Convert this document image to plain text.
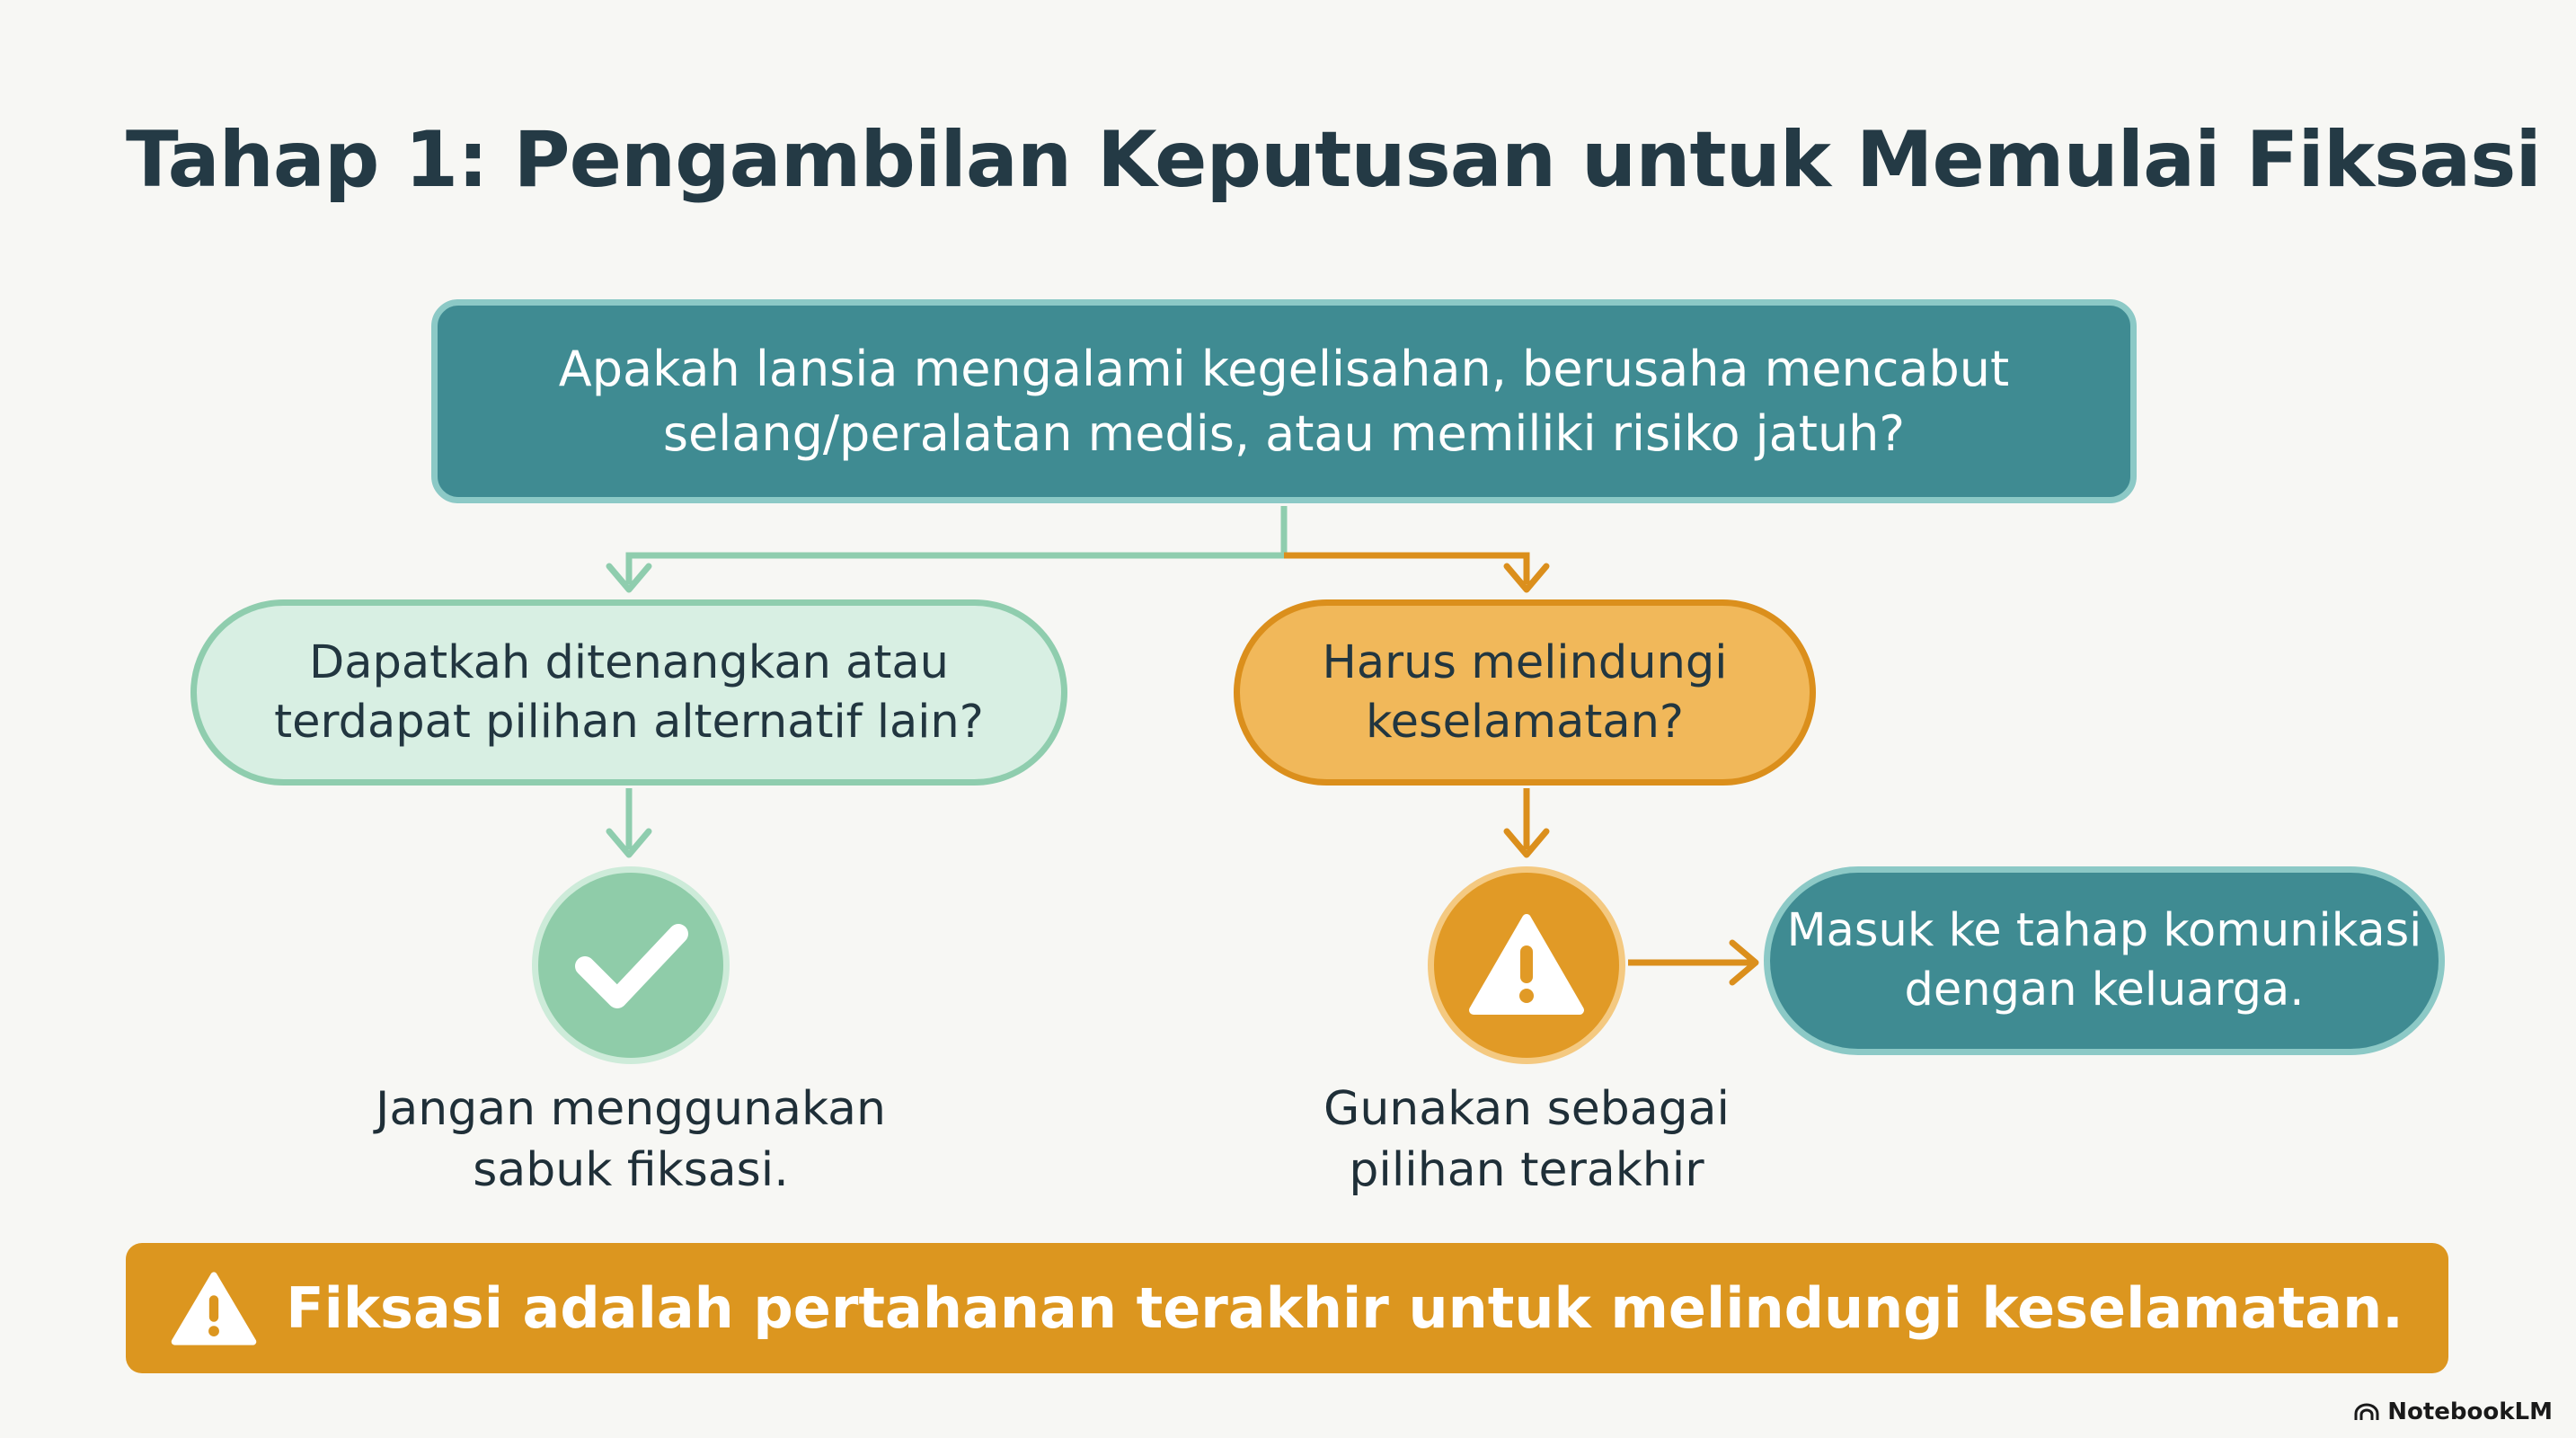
Tahap 1: Pengambilan Keputusan untuk Memulai Fiksasi
Apakah lansia mengalami kegelisahan, berusaha mencabut
selang/peralatan medis, atau memiliki risiko jatuh?
Dapatkah ditenangkan atau
terdapat pilihan alternatif lain?
Harus melindungi
keselamatan?
Masuk ke tahap komunikasi
dengan keluarga.
Jangan menggunakan
sabuk fiksasi.
Gunakan sebagai
pilihan terakhir
Fiksasi adalah pertahanan terakhir untuk melindungi keselamatan.
NotebookLM
